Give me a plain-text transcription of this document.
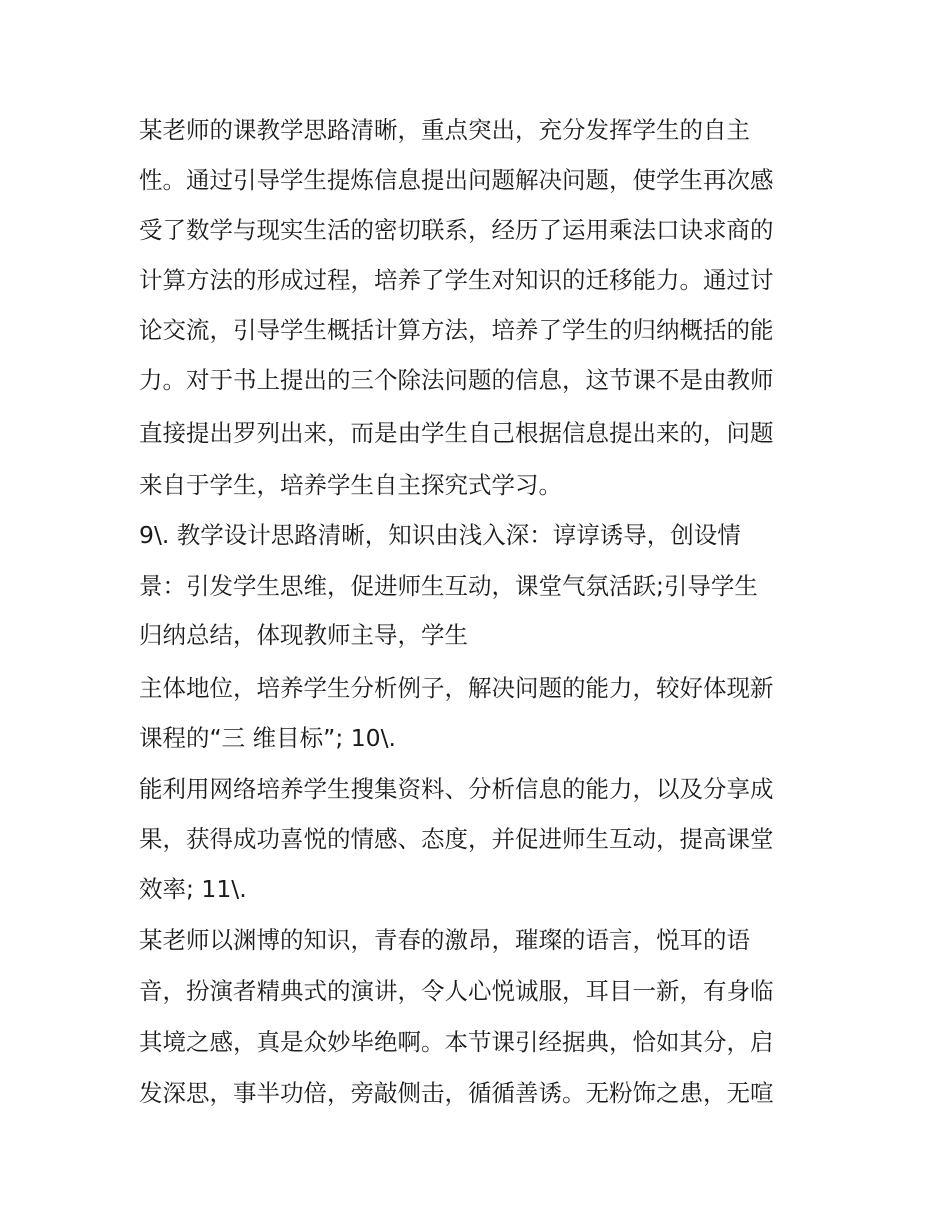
某老师的课教学思路清晰，重点突出，充分发挥学生的自主

性。通过引导学生提炼信息提出问题解决问题，使学生再次感

受了数学与现实生活的密切联系，经历了运用乘法口诀求商的

计算方法的形成过程，培养了学生对知识的迁移能力。通过讨

论交流，引导学生概括计算方法，培养了学生的归纳概括的能

力。对于书上提出的三个除法问题的信息，这节课不是由教师

直接提出罗列出来，而是由学生自己根据信息提出来的，问题

来自于学生，培养学生自主探究式学习。

9\. 教学设计思路清晰，知识由浅入深：谆谆诱导，创设情

景：引发学生思维，促进师生互动，课堂气氛活跃;引导学生

归纳总结，体现教师主导，学生

主体地位，培养学生分析例子，解决问题的能力，较好体现新

课程的“三 维目标”; 10\.

能利用网络培养学生搜集资料、分析信息的能力，以及分享成

果，获得成功喜悦的情感、态度，并促进师生互动，提高课堂

效率; 11\.

某老师以渊博的知识，青春的激昂，璀璨的语言，悦耳的语

音，扮演者精典式的演讲，令人心悦诚服，耳目一新，有身临

其境之感，真是众妙毕绝啊。本节课引经据典，恰如其分，启

发深思，事半功倍，旁敲侧击，循循善诱。无粉饰之患，无喧
